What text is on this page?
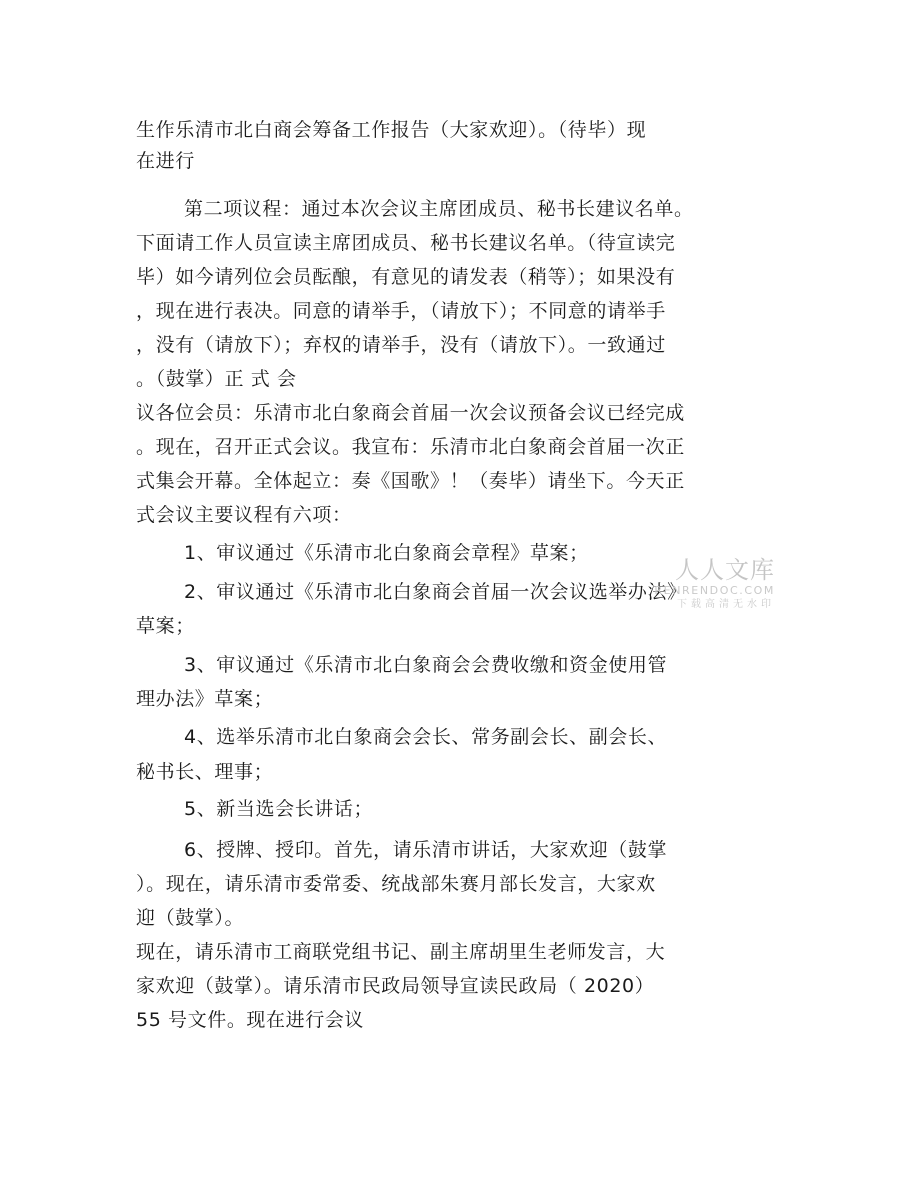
生作乐清市北白商会筹备工作报告（大家欢迎）。（待毕）现
在进行
第二项议程：通过本次会议主席团成员、秘书长建议名单。
下面请工作人员宣读主席团成员、秘书长建议名单。（待宣读完
毕）如今请列位会员酝酿，有意见的请发表（稍等）；如果没有
，现在进行表决。同意的请举手，（请放下）；不同意的请举手
，没有（请放下）；弃权的请举手，没有（请放下）。一致通过
。（鼓掌）正 式 会
议各位会员：乐清市北白象商会首届一次会议预备会议已经完成
。现在，召开正式会议。我宣布：乐清市北白象商会首届一次正
式集会开幕。全体起立：奏《国歌》！（奏毕）请坐下。今天正
式会议主要议程有六项：
1、审议通过《乐清市北白象商会章程》草案；
2、审议通过《乐清市北白象商会首届一次会议选举办法》
草案；
3、审议通过《乐清市北白象商会会费收缴和资金使用管
理办法》草案；
4、选举乐清市北白象商会会长、常务副会长、副会长、
秘书长、理事；
5、新当选会长讲话；
6、授牌、授印。首先，请乐清市讲话，大家欢迎（鼓掌
）。现在，请乐清市委常委、统战部朱赛月部长发言，大家欢
迎（鼓掌）。
现在，请乐清市工商联党组书记、副主席胡里生老师发言，大
家欢迎（鼓掌）。请乐清市民政局领导宣读民政局（ 2020）
55 号文件。现在进行会议
人人文库
RENRENDOC.COM
下载高清无水印
